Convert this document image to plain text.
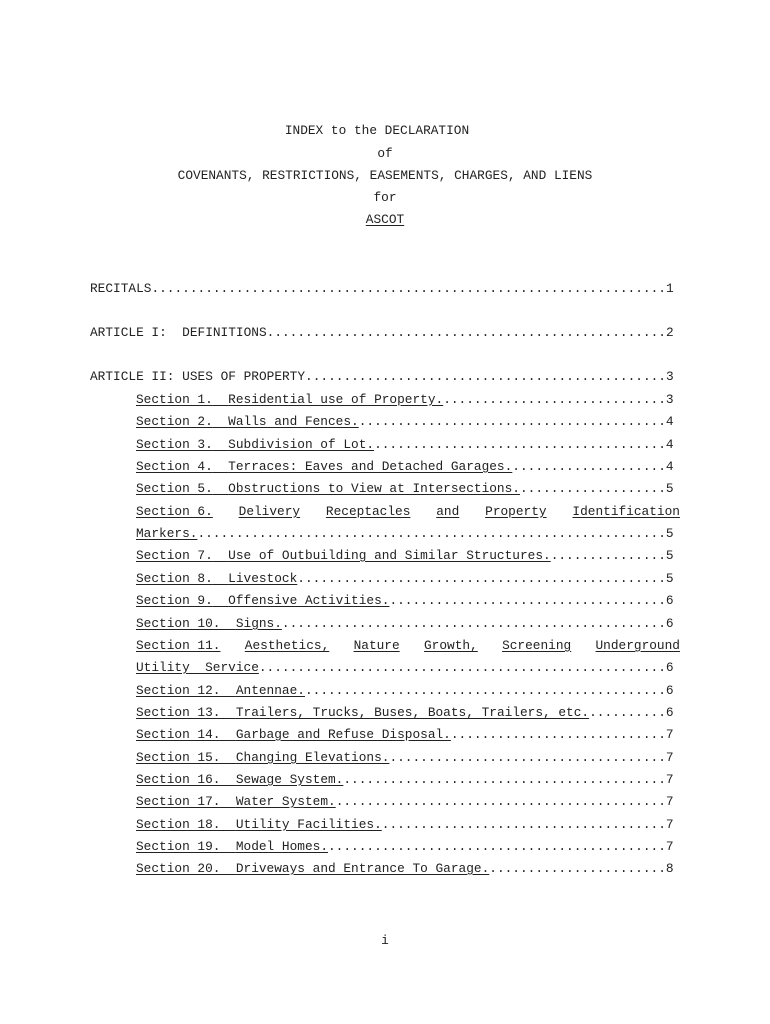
INDEX to the DECLARATION
of
COVENANTS, RESTRICTIONS, EASEMENTS, CHARGES, AND LIENS
for
ASCOT
RECITALS...................................................................1
ARTICLE I: DEFINITIONS....................................................2
ARTICLE II: USES OF PROPERTY...............................................3
Section 1. Residential use of Property..............................3
Section 2. Walls and Fences.........................................4
Section 3. Subdivision of Lot.......................................4
Section 4. Terraces: Eaves and Detached Garages.....................4
Section 5. Obstructions to View at Intersections....................5
Section 6. Delivery Receptacles and Property Identification
Markers..............................................................5
Section 7. Use of Outbuilding and Similar Structures................5
Section 8. Livestock................................................5
Section 9. Offensive Activities.....................................6
Section 10. Signs...................................................6
Section 11. Aesthetics, Nature Growth, Screening Underground
Utility  Service.....................................................6
Section 12. Antennae................................................6
Section 13. Trailers, Trucks, Buses, Boats, Trailers, etc...........6
Section 14. Garbage and Refuse Disposal.............................7
Section 15. Changing Elevations.....................................7
Section 16. Sewage System...........................................7
Section 17. Water System............................................7
Section 18. Utility Facilities......................................7
Section 19. Model Homes.............................................7
Section 20. Driveways and Entrance To Garage........................8
i
